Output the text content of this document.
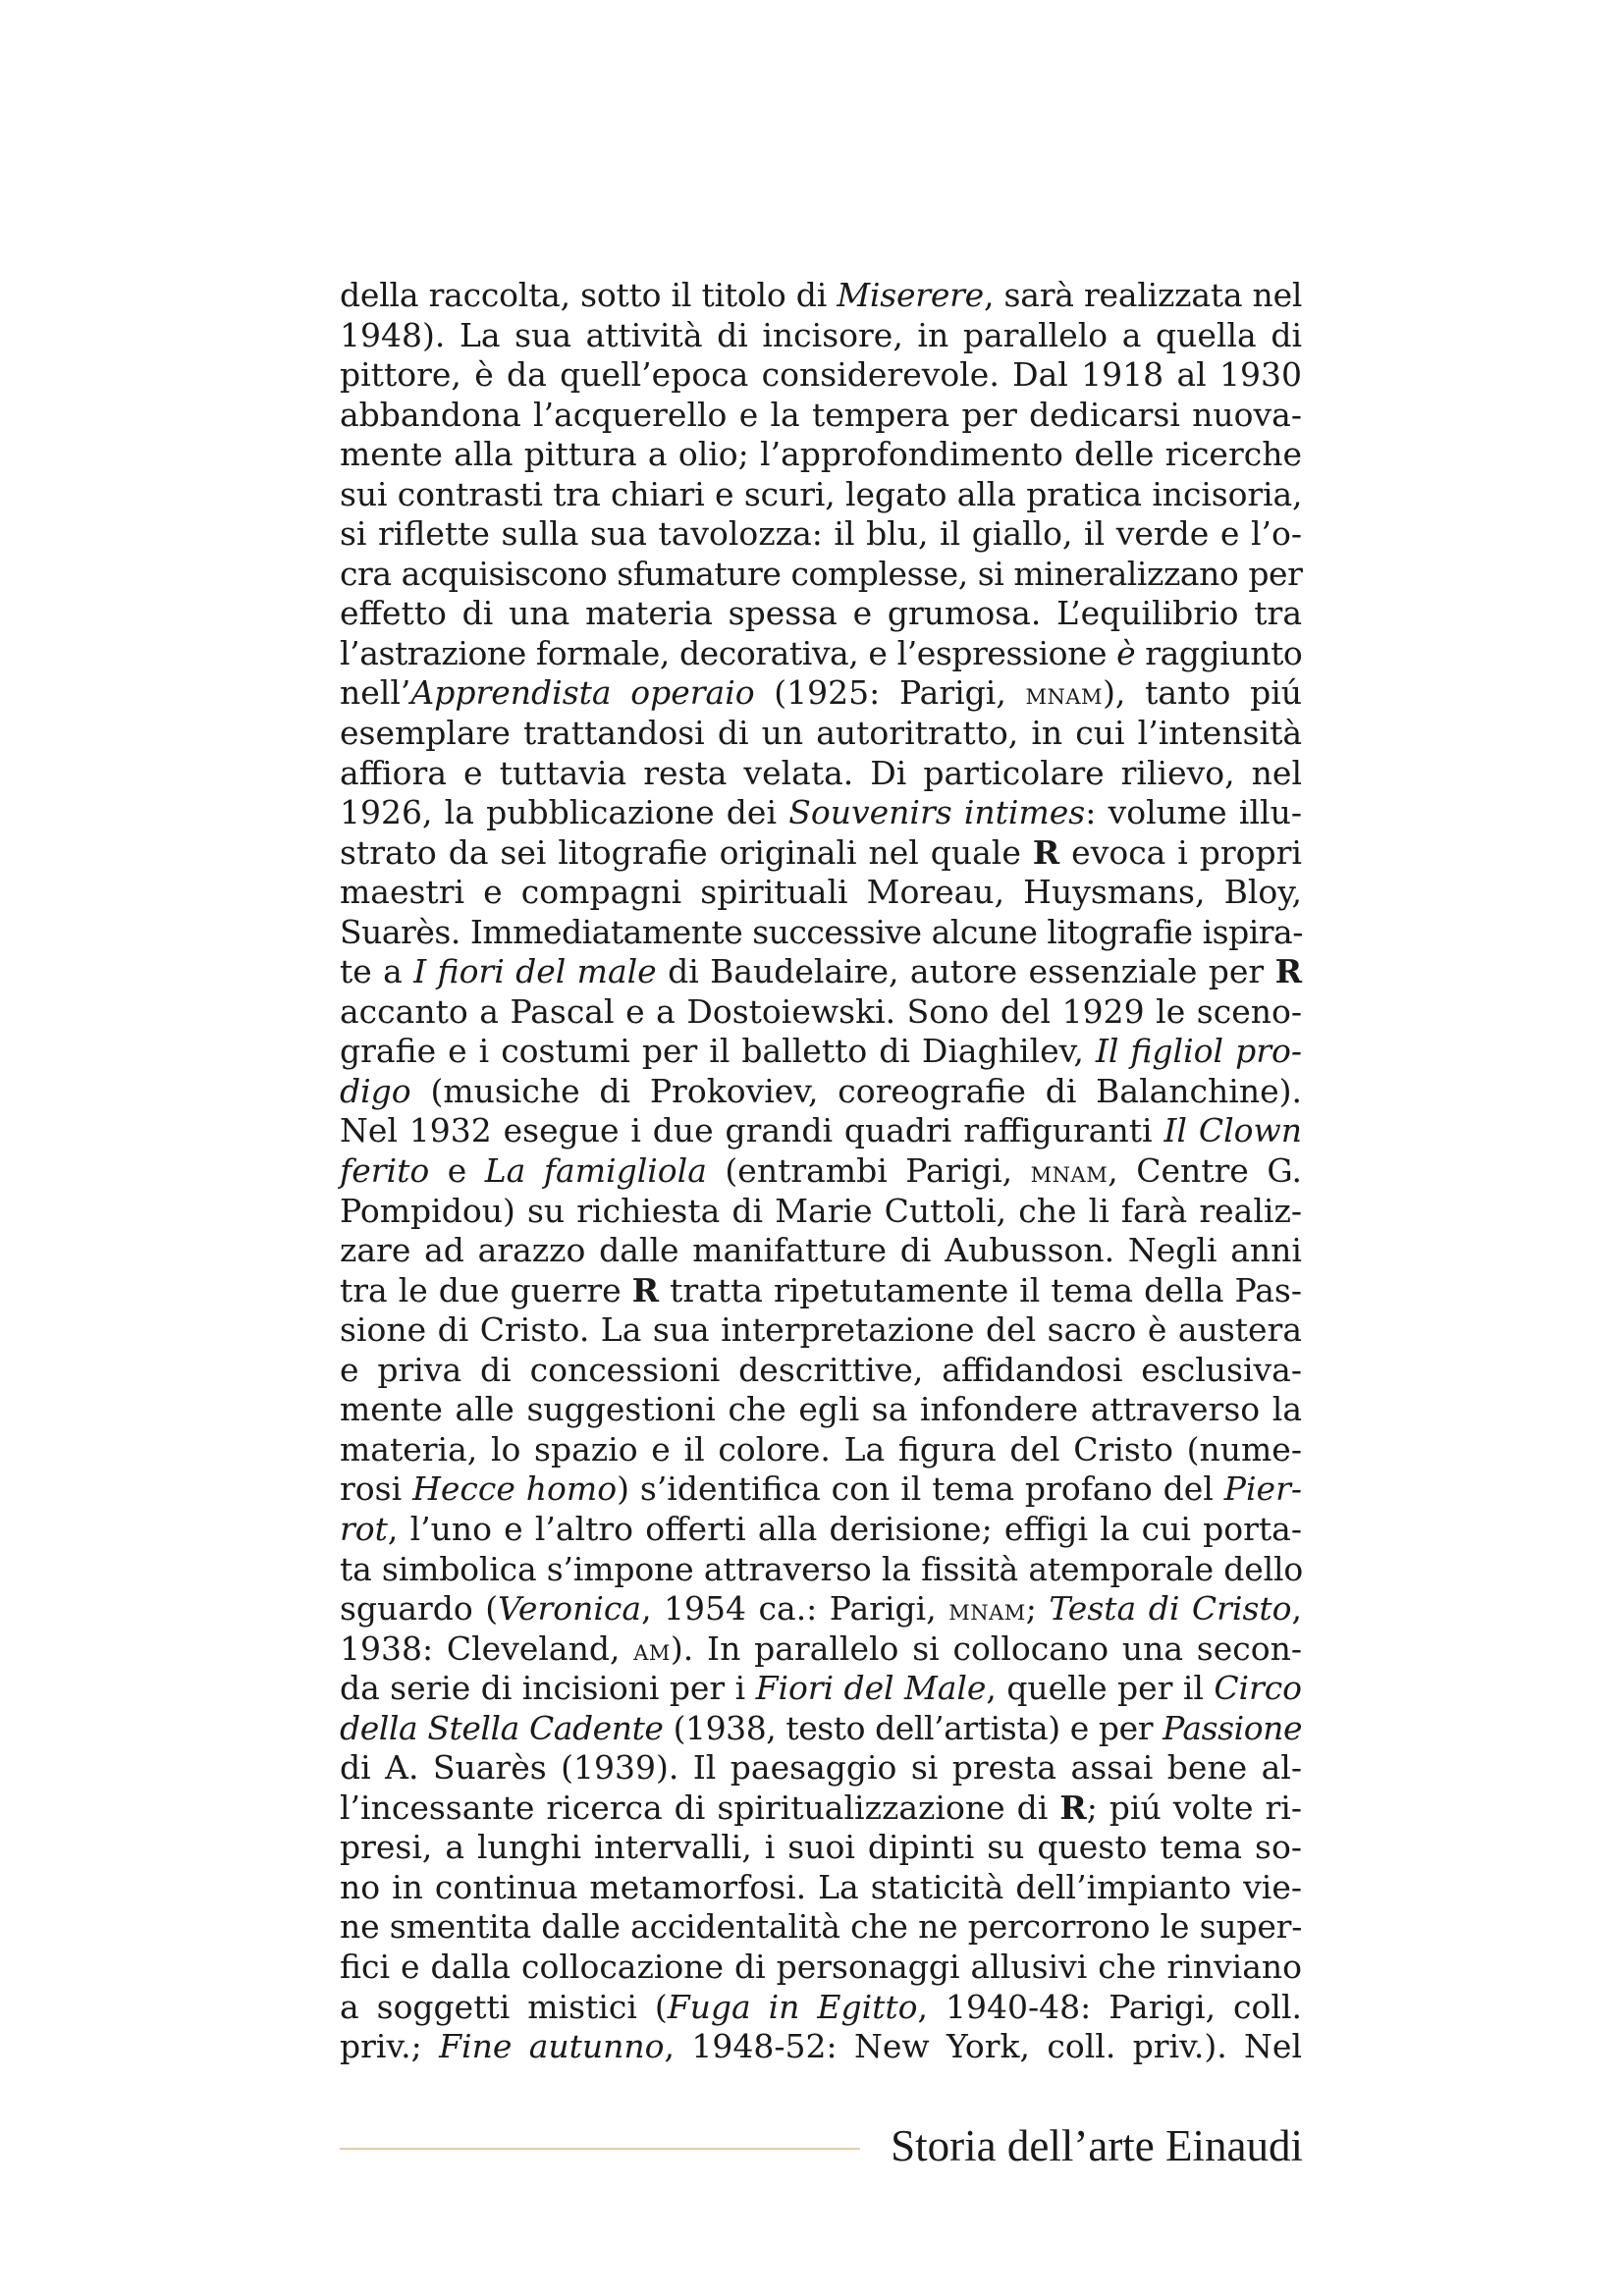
della raccolta, sotto il titolo di Miserere, sarà realizzata nel
1948). La sua attività di incisore, in parallelo a quella di
pittore, è da quell’epoca considerevole. Dal 1918 al 1930
abbandona l’acquerello e la tempera per dedicarsi nuova-
mente alla pittura a olio; l’approfondimento delle ricerche
sui contrasti tra chiari e scuri, legato alla pratica incisoria,
si riflette sulla sua tavolozza: il blu, il giallo, il verde e l’o-
cra acquisiscono sfumature complesse, si mineralizzano per
effetto di una materia spessa e grumosa. L’equilibrio tra
l’astrazione formale, decorativa, e l’espressione è raggiunto
nell’Apprendista operaio (1925: Parigi, mnam), tanto piú
esemplare trattandosi di un autoritratto, in cui l’intensità
affiora e tuttavia resta velata. Di particolare rilievo, nel
1926, la pubblicazione dei Souvenirs intimes: volume illu-
strato da sei litografie originali nel quale R evoca i propri
maestri e compagni spirituali Moreau, Huysmans, Bloy,
Suarès. Immediatamente successive alcune litografie ispira-
te a I fiori del male di Baudelaire, autore essenziale per R
accanto a Pascal e a Dostoiewski. Sono del 1929 le sceno-
grafie e i costumi per il balletto di Diaghilev, Il figliol pro-
digo (musiche di Prokoviev, coreografie di Balanchine).
Nel 1932 esegue i due grandi quadri raffiguranti Il Clown
ferito e La famigliola (entrambi Parigi, mnam, Centre G.
Pompidou) su richiesta di Marie Cuttoli, che li farà realiz-
zare ad arazzo dalle manifatture di Aubusson. Negli anni
tra le due guerre R tratta ripetutamente il tema della Pas-
sione di Cristo. La sua interpretazione del sacro è austera
e priva di concessioni descrittive, affidandosi esclusiva-
mente alle suggestioni che egli sa infondere attraverso la
materia, lo spazio e il colore. La figura del Cristo (nume-
rosi Hecce homo) s’identifica con il tema profano del Pier-
rot, l’uno e l’altro offerti alla derisione; effigi la cui porta-
ta simbolica s’impone attraverso la fissità atemporale dello
sguardo (Veronica, 1954 ca.: Parigi, mnam; Testa di Cristo,
1938: Cleveland, am). In parallelo si collocano una secon-
da serie di incisioni per i Fiori del Male, quelle per il Circo
della Stella Cadente (1938, testo dell’artista) e per Passione
di A. Suarès (1939). Il paesaggio si presta assai bene al-
l’incessante ricerca di spiritualizzazione di R; piú volte ri-
presi, a lunghi intervalli, i suoi dipinti su questo tema so-
no in continua metamorfosi. La staticità dell’impianto vie-
ne smentita dalle accidentalità che ne percorrono le super-
fici e dalla collocazione di personaggi allusivi che rinviano
a soggetti mistici (Fuga in Egitto, 1940-48: Parigi, coll.
priv.; Fine autunno, 1948-52: New York, coll. priv.). Nel
Storia dell’arte Einaudi
